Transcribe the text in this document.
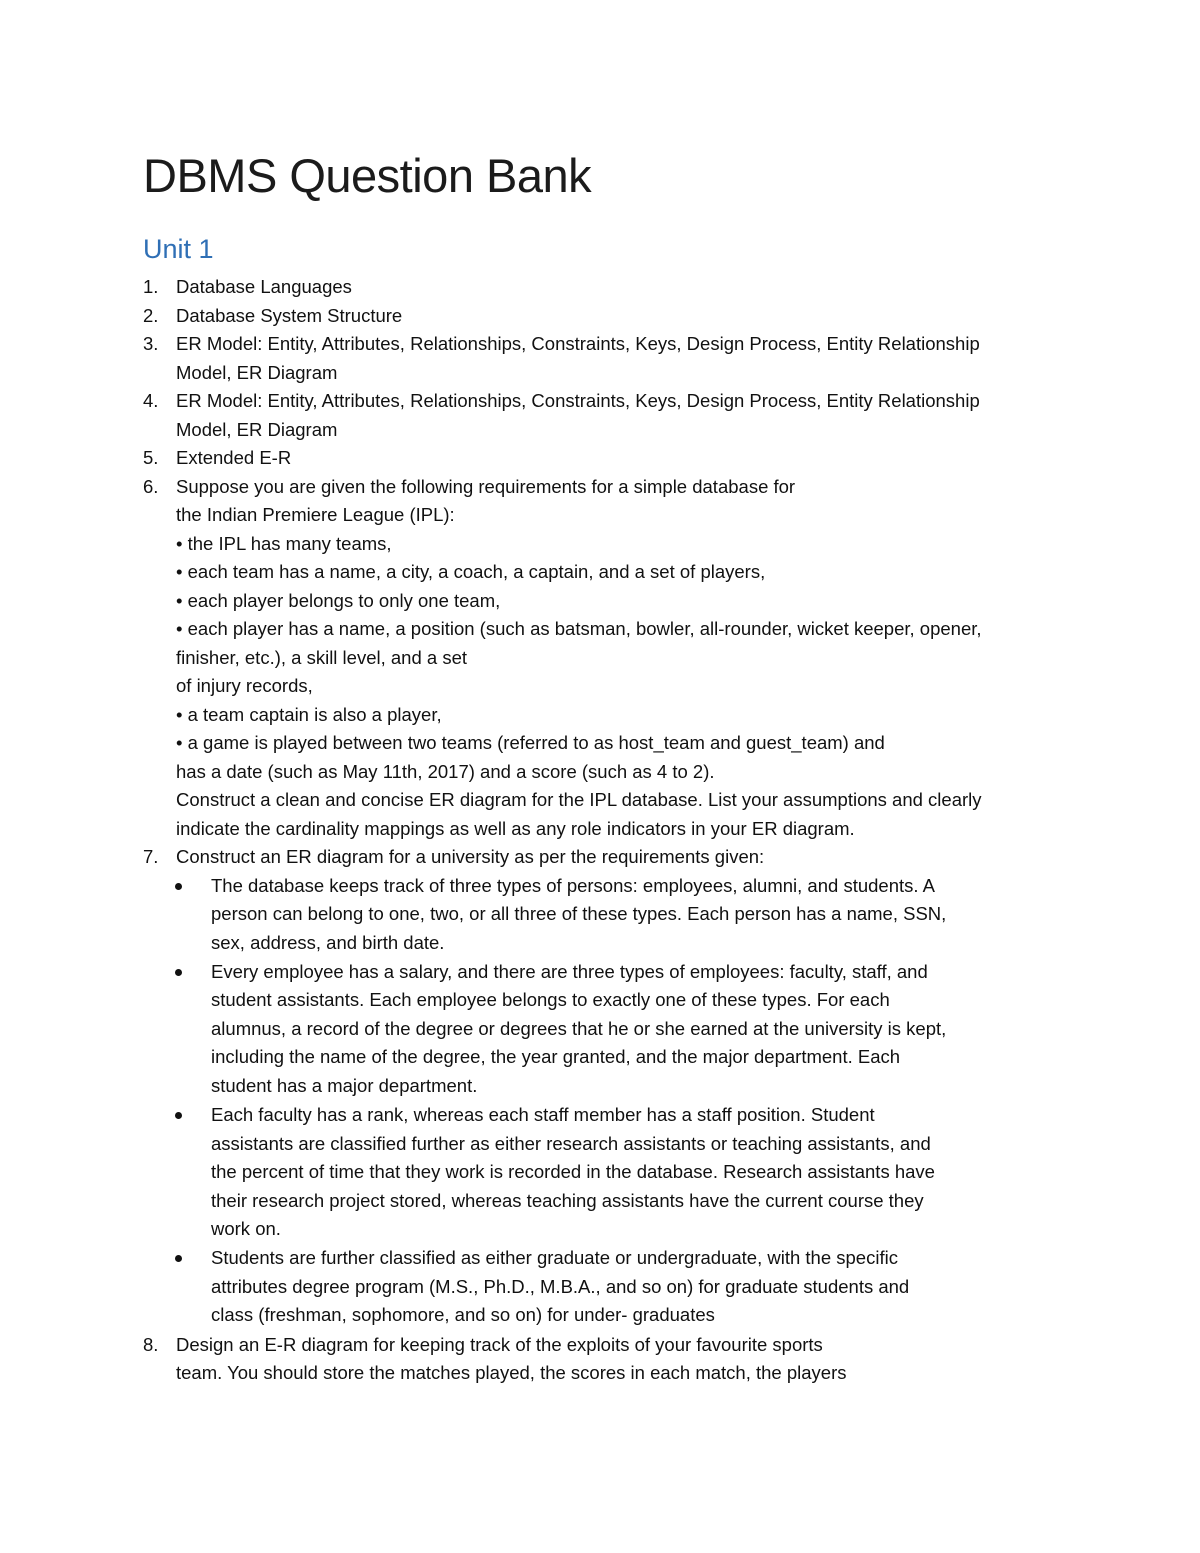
DBMS Question Bank
Unit 1
1. Database Languages
2. Database System Structure
3. ER Model: Entity, Attributes, Relationships, Constraints, Keys, Design Process, Entity Relationship
Model, ER Diagram
4. ER Model: Entity, Attributes, Relationships, Constraints, Keys, Design Process, Entity Relationship
Model, ER Diagram
5. Extended E-R
6. Suppose you are given the following requirements for a simple database for
the Indian Premiere League (IPL):
• the IPL has many teams,
• each team has a name, a city, a coach, a captain, and a set of players,
• each player belongs to only one team,
• each player has a name, a position (such as batsman, bowler, all-rounder, wicket keeper, opener,
finisher, etc.), a skill level, and a set
of injury records,
• a team captain is also a player,
• a game is played between two teams (referred to as host_team and guest_team) and
has a date (such as May 11th, 2017) and a score (such as 4 to 2).
Construct a clean and concise ER diagram for the IPL database. List your assumptions and clearly
indicate the cardinality mappings as well as any role indicators in your ER diagram.
7. Construct an ER diagram for a university as per the requirements given:
The database keeps track of three types of persons: employees, alumni, and students. A
person can belong to one, two, or all three of these types. Each person has a name, SSN,
sex, address, and birth date.
Every employee has a salary, and there are three types of employees: faculty, staff, and
student assistants. Each employee belongs to exactly one of these types. For each
alumnus, a record of the degree or degrees that he or she earned at the university is kept,
including the name of the degree, the year granted, and the major department. Each
student has a major department.
Each faculty has a rank, whereas each staff member has a staff position. Student
assistants are classified further as either research assistants or teaching assistants, and
the percent of time that they work is recorded in the database. Research assistants have
their research project stored, whereas teaching assistants have the current course they
work on.
Students are further classified as either graduate or undergraduate, with the specific
attributes degree program (M.S., Ph.D., M.B.A., and so on) for graduate students and
class (freshman, sophomore, and so on) for under- graduates
8. Design an E-R diagram for keeping track of the exploits of your favourite sports
team. You should store the matches played, the scores in each match, the players
